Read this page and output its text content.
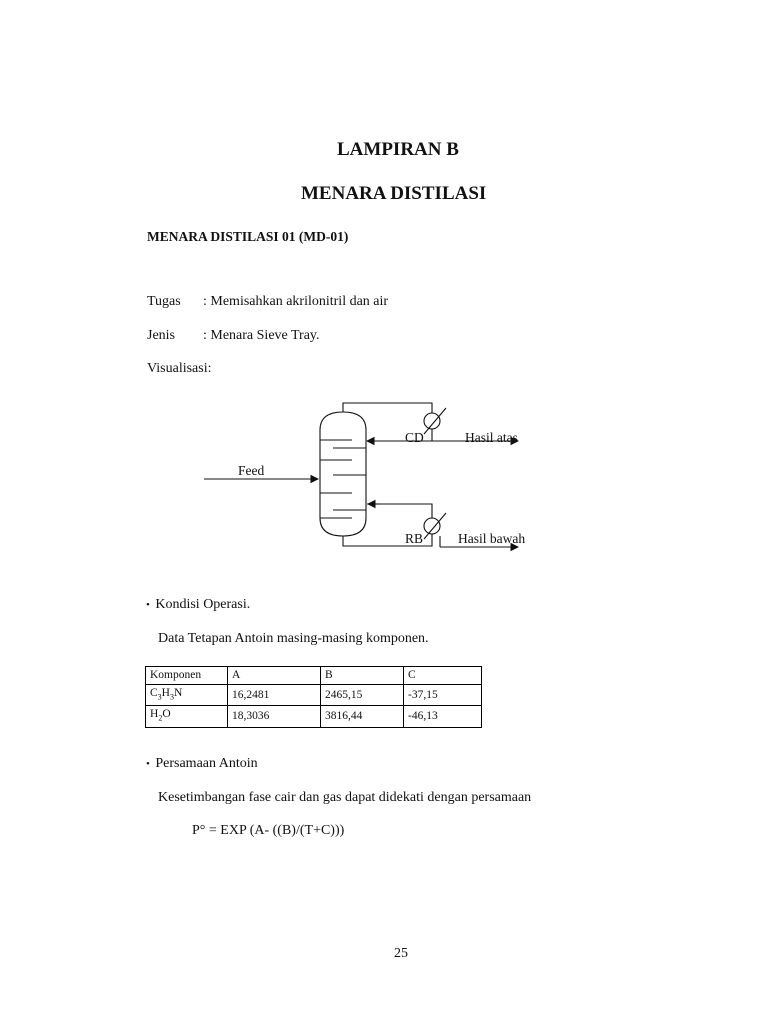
LAMPIRAN B
MENARA DISTILASI
MENARA DISTILASI 01 (MD-01)
Tugas : Memisahkan akrilonitril dan air
Jenis : Menara Sieve Tray.
Visualisasi:
CD	Hasil atas
Feed
RB	Hasil bawah
• Kondisi Operasi.
Data Tetapan Antoin masing-masing komponen.
Komponen	A	B	C
$C_3H_3N$	16,2481	2465,15	-37,15
$H_2O$	18,3036	3816,44	-46,13
• Persamaan Antoin
Kesetimbangan fase cair dan gas dapat didekati dengan persamaan
P° = EXP (A- ((B)/(T+C)))
25
